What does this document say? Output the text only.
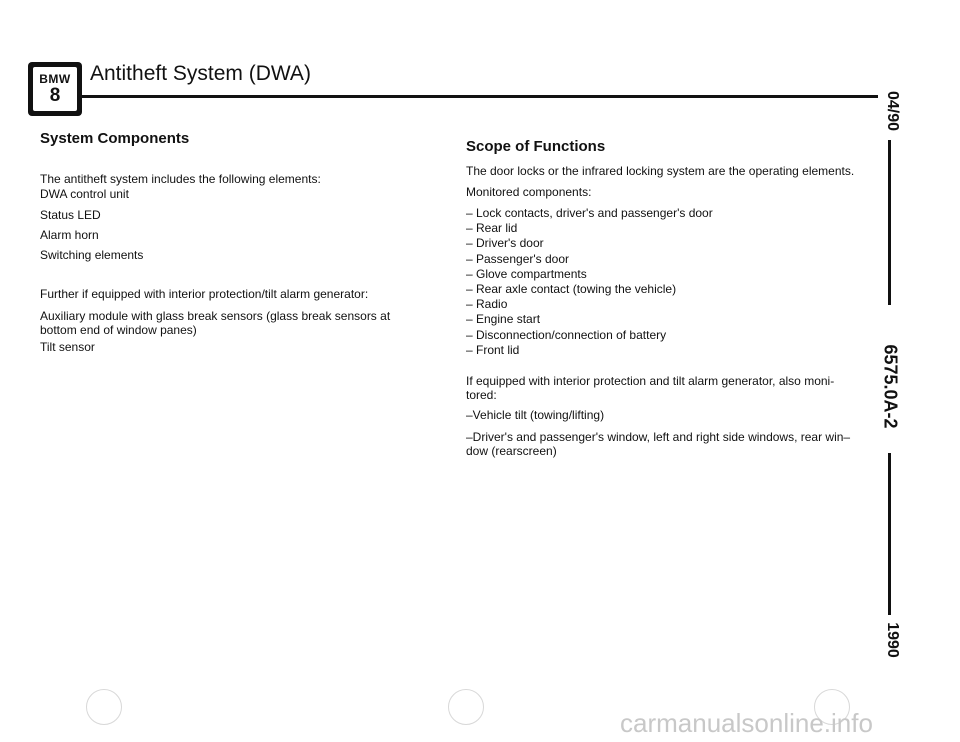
BMW
8
Antitheft System (DWA)
System Components

The antitheft system includes the following elements:

DWA control unit

Status LED

Alarm horn

Switching elements

Further if equipped with interior protection/tilt alarm generator:

Auxiliary module with glass break sensors (glass break sensors at bottom end of window panes)

Tilt sensor

Scope of Functions

The door locks or the infrared locking system are the operating elements.

Monitored components:

– Lock contacts, driver's and passenger's door
– Rear lid
– Driver's door
– Passenger's door
– Glove compartments
– Rear axle contact (towing the vehicle)
– Radio
– Engine start
– Disconnection/connection of battery
– Front lid

If equipped with interior protection and tilt alarm generator, also moni-tored:

–Vehicle tilt (towing/lifting)

–Driver's and passenger's window, left and right side windows, rear win– dow (rearscreen)

04/90
6575.0A-2
1990
carmanualsonline.info
